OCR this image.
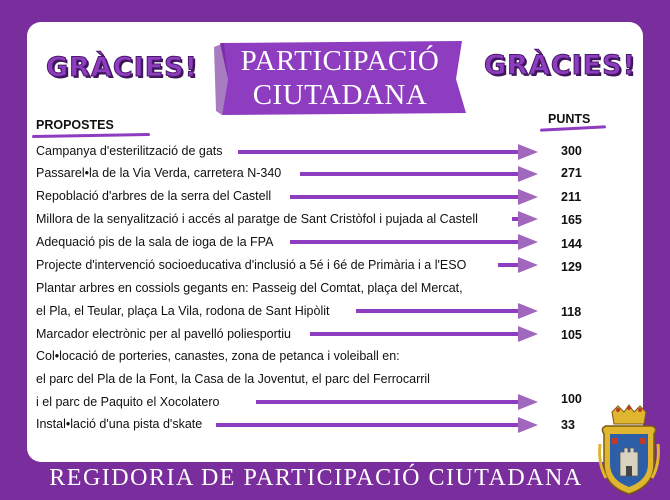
GRÀCIES!	GRÀCIES!
PARTICIPACIÓ
CIUTADANA
PROPOSTES	PUNTS
Campanya d'esterilització de gats	300
Passarel•la de la Via Verda, carretera N-340	271
Repoblació d'arbres de la serra del Castell	211
Millora de la senyalització i accés al paratge de Sant Cristòfol i pujada al Castell	165
Adequació pis de la sala de ioga de la FPA	144
Projecte d'intervenció socioeducativa d'inclusió a 5é i 6é de Primària i a l'ESO	129
Plantar arbres en cossiols gegants en: Passeig del Comtat, plaça del Mercat,
el Pla, el Teular, plaça La Vila, rodona de Sant Hipòlit	118
Marcador electrònic per al pavelló poliesportiu	105
Col•locació de porteries, canastes, zona de petanca i voleiball en:
el parc del Pla de la Font, la Casa de la Joventut, el parc del Ferrocarril
i el parc de Paquito el Xocolatero	100
Instal•lació d'una pista d'skate	33
REGIDORIA DE PARTICIPACIÓ CIUTADANA
